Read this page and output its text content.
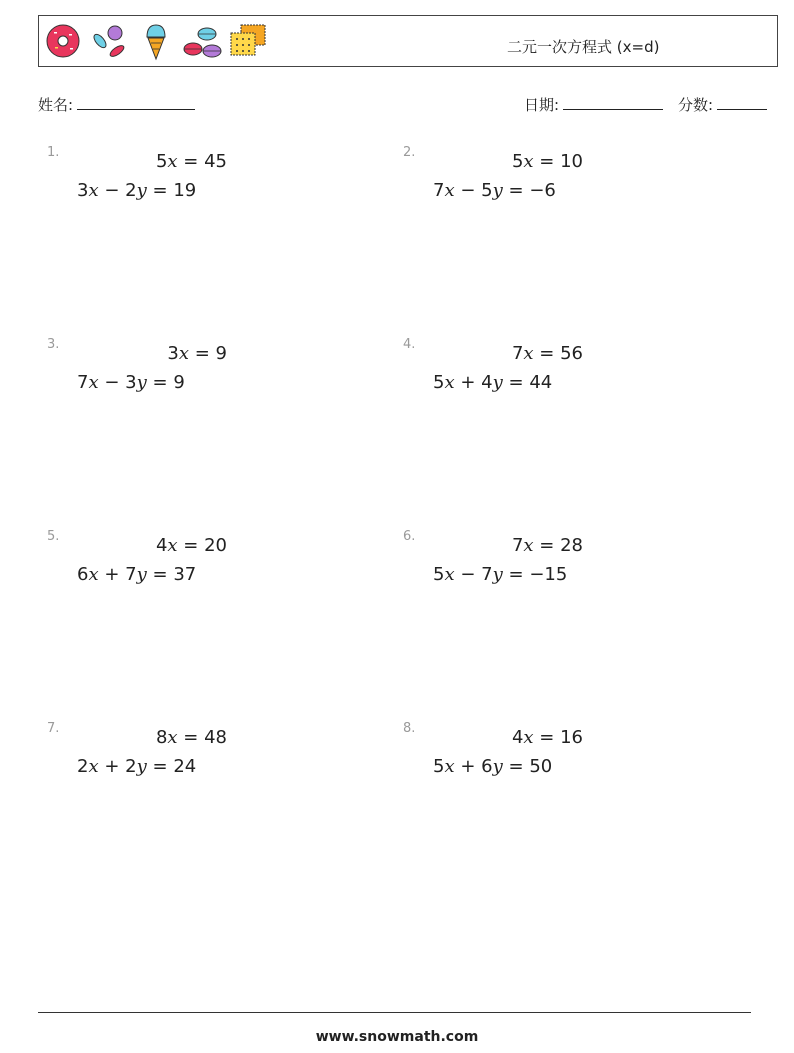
二元一次方程式 (x=d)
姓名:	日期:	分数:
1.	5x = 45
3x − 2y = 19
2.	5x = 10
7x − 5y = −6
3.	3x = 9
7x − 3y = 9
4.	7x = 56
5x + 4y = 44
5.	4x = 20
6x + 7y = 37
6.	7x = 28
5x − 7y = −15
7.	8x = 48
2x + 2y = 24
8.	4x = 16
5x + 6y = 50
www.snowmath.com
